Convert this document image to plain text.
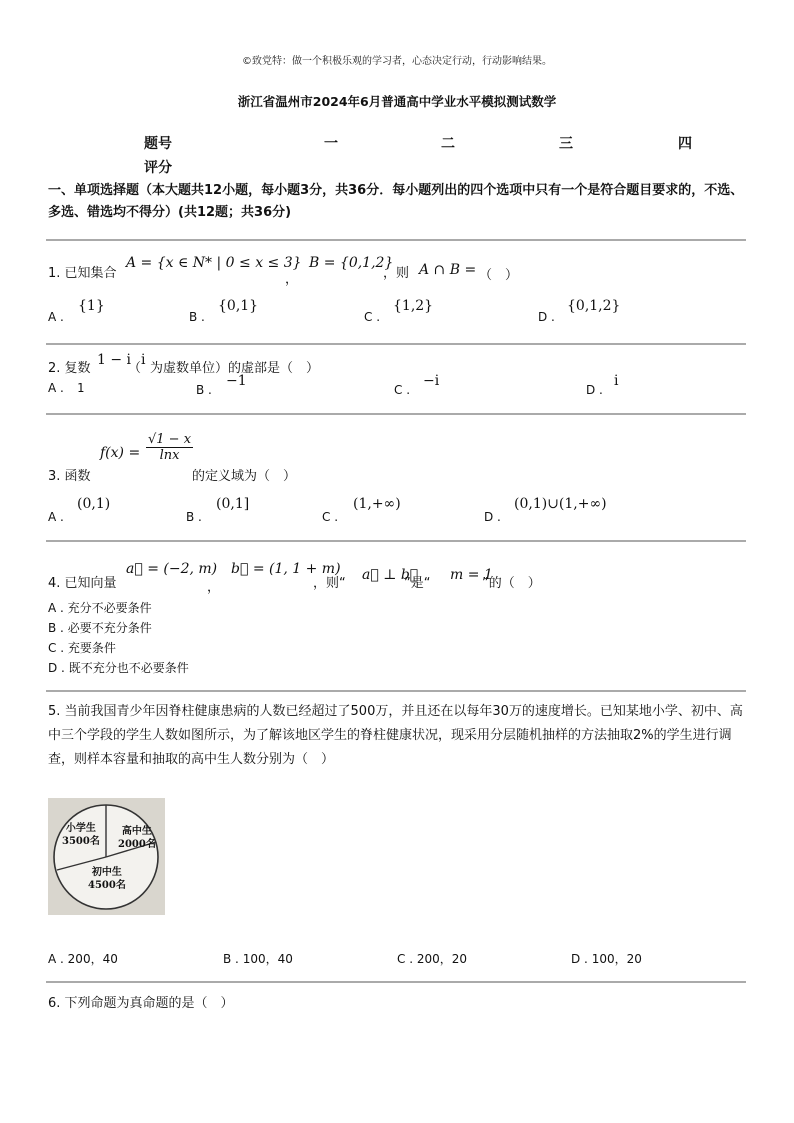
©致党特：做一个积极乐观的学习者，心态决定行动，行动影响结果。
浙江省温州市2024年6月普通高中学业水平模拟测试数学
题号	一	二	三	四
评分
一、单项选择题（本大题共12小题，每小题3分，共36分．每小题列出的四个选项中只有一个是符合题目要求的，不选、多选、错选均不得分）(共12题；共36分)
1. 已知集合
A = {x ∈ N* | 0 ≤ x ≤ 3}
，
B = {0,1,2}
，则 A ∩ B = （　）
A .
{1}
B .
{0,1}
C .
{1,2}
D .
{0,1,2}
2. 复数
1 − i
（
i
为虚数单位）的虚部是（　）
A . 1	B .
−1
C .
−i
D .
i
3. 函数
$f(x) = \frac{√1 - x}{\ln x}$
的定义域为（　）
A .
(0,1)
B .
(0,1]
C .
(1,+∞)
D .
(0,1)∪(1,+∞)
4. 已知向量
a⃗ = (−2, m)
，
b⃗ = (1, 1 + m)
，则“
a⃗ ⊥ b⃗
”是“
m = 1
”的（　）
A . 充分不必要条件
B . 必要不充分条件
C . 充要条件
D . 既不充分也不必要条件
5. 当前我国青少年因脊柱健康患病的人数已经超过了500万，并且还在以每年30万的速度增长。已知某地小学、初中、高中三个学段的学生人数如图所示，为了解该地区学生的脊柱健康状况，现采用分层随机抽样的方法抽取2%的学生进行调查，则样本容量和抽取的高中生人数分别为（　）
小学生
3500名
高中生
2000名
初中生
4500名
A . 200，40	B . 100，40	C . 200，20	D . 100，20
6. 下列命题为真命题的是（　）
